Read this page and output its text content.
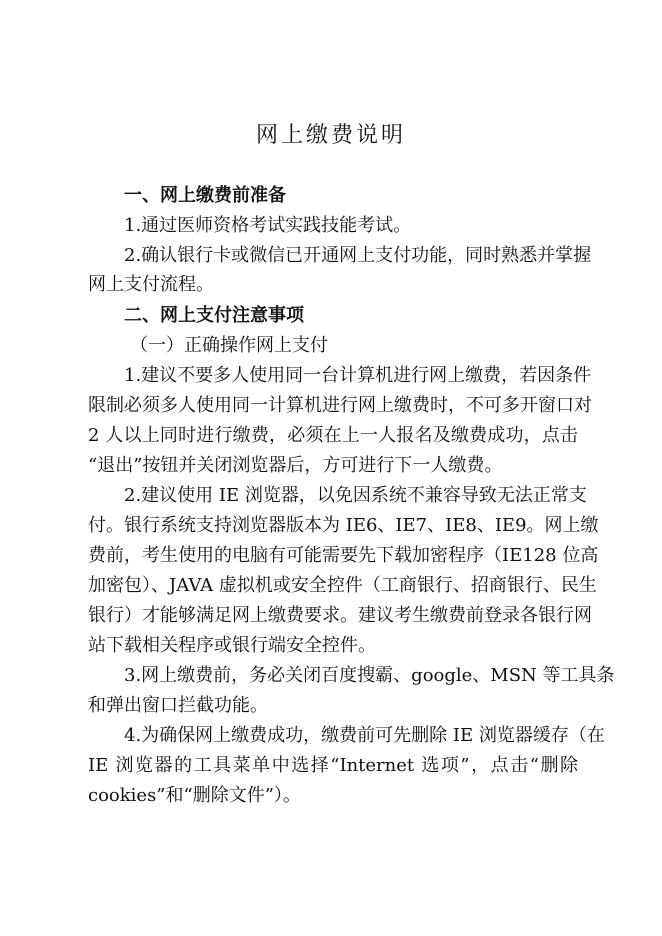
网上缴费说明
一、网上缴费前准备
1.通过医师资格考试实践技能考试。
2.确认银行卡或微信已开通网上支付功能，同时熟悉并掌握
网上支付流程。
二、网上支付注意事项
（一）正确操作网上支付
1.建议不要多人使用同一台计算机进行网上缴费，若因条件
限制必须多人使用同一计算机进行网上缴费时，不可多开窗口对
2 人以上同时进行缴费，必须在上一人报名及缴费成功，点击
“退出”按钮并关闭浏览器后，方可进行下一人缴费。
2.建议使用 IE 浏览器，以免因系统不兼容导致无法正常支
付。银行系统支持浏览器版本为 IE6、IE7、IE8、IE9。网上缴
费前，考生使用的电脑有可能需要先下载加密程序（IE128 位高
加密包）、JAVA 虚拟机或安全控件（工商银行、招商银行、民生
银行）才能够满足网上缴费要求。建议考生缴费前登录各银行网
站下载相关程序或银行端安全控件。
3.网上缴费前，务必关闭百度搜霸、google、MSN 等工具条
和弹出窗口拦截功能。
4.为确保网上缴费成功，缴费前可先删除 IE 浏览器缓存（在
IE 浏览器的工具菜单中选择“Internet 选项”，点击“删除
cookies”和“删除文件”）。
